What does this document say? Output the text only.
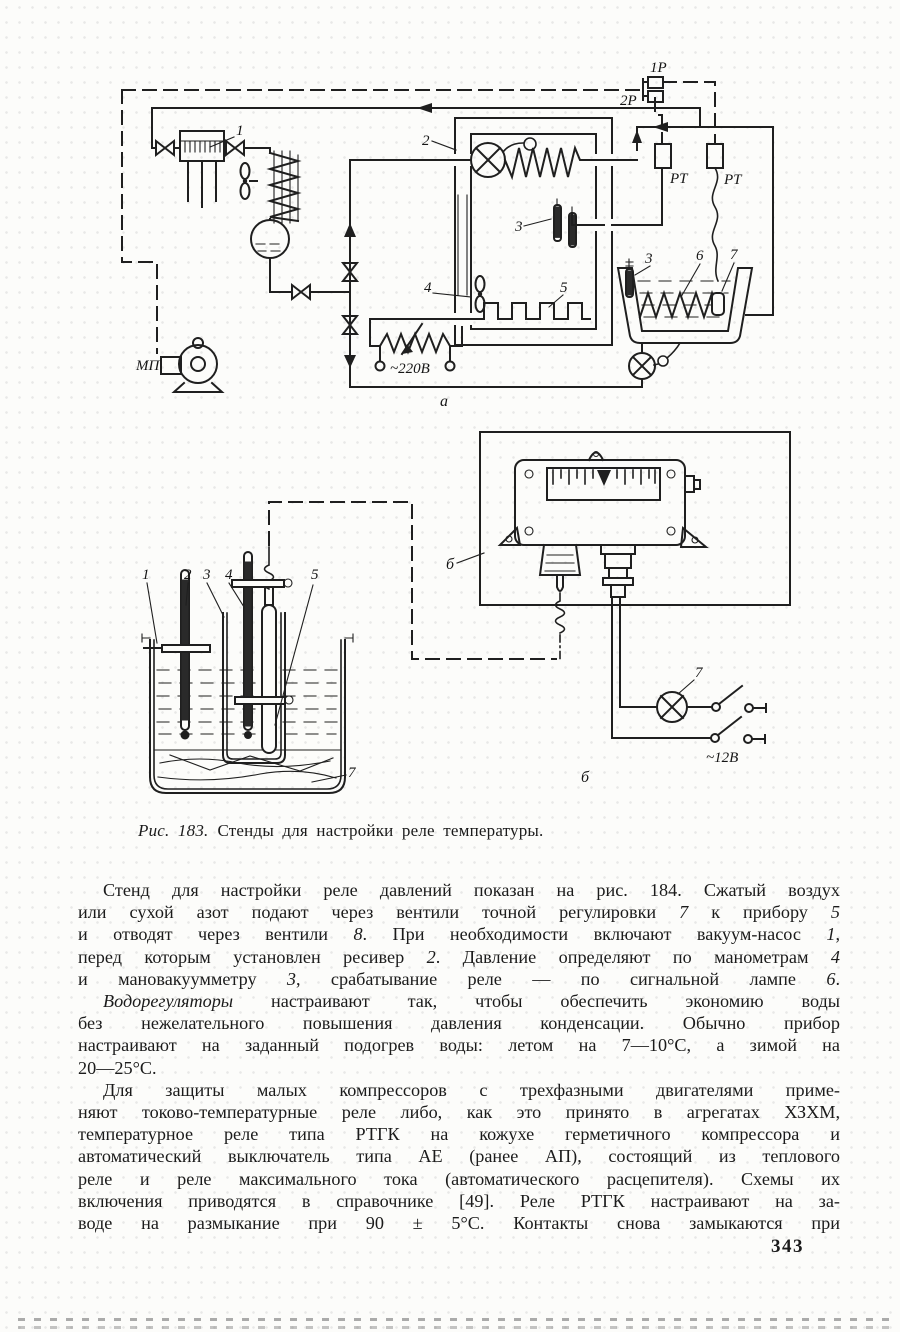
1
2
3
4	5
~220В
1Р
2Р
РТ РТ
3	6 7
МП
а
б
7
~12В
7
1 2 3 4	5
б
Рис. 183. Стенды для настройки реле температуры.
Стенд для настройки реле давлений показан на рис. 184. Сжатый воздух
или сухой азот подают через вентили точной регулировки 7 к прибору 5
и отводят через вентили 8. При необходимости включают вакуум-насос 1,
перед которым установлен ресивер 2. Давление определяют по манометрам 4
и мановакуумметру 3, срабатывание реле — по сигнальной лампе 6.
Водорегуляторы настраивают так, чтобы обеспечить экономию воды
без нежелательного повышения давления конденсации. Обычно прибор
настраивают на заданный подогрев воды: летом на 7—10°С, а зимой на
20—25°С.
Для защиты малых компрессоров с трехфазными двигателями приме-
няют токово-температурные реле либо, как это принято в агрегатах ХЗХМ,
температурное реле типа РТГК на кожухе герметичного компрессора и
автоматический выключатель типа АЕ (ранее АП), состоящий из теплового
реле и реле максимального тока (автоматического расцепителя). Схемы их
включения приводятся в справочнике [49]. Реле РТГК настраивают на за-
воде на размыкание при 90 ± 5°С. Контакты снова замыкаются при
343
